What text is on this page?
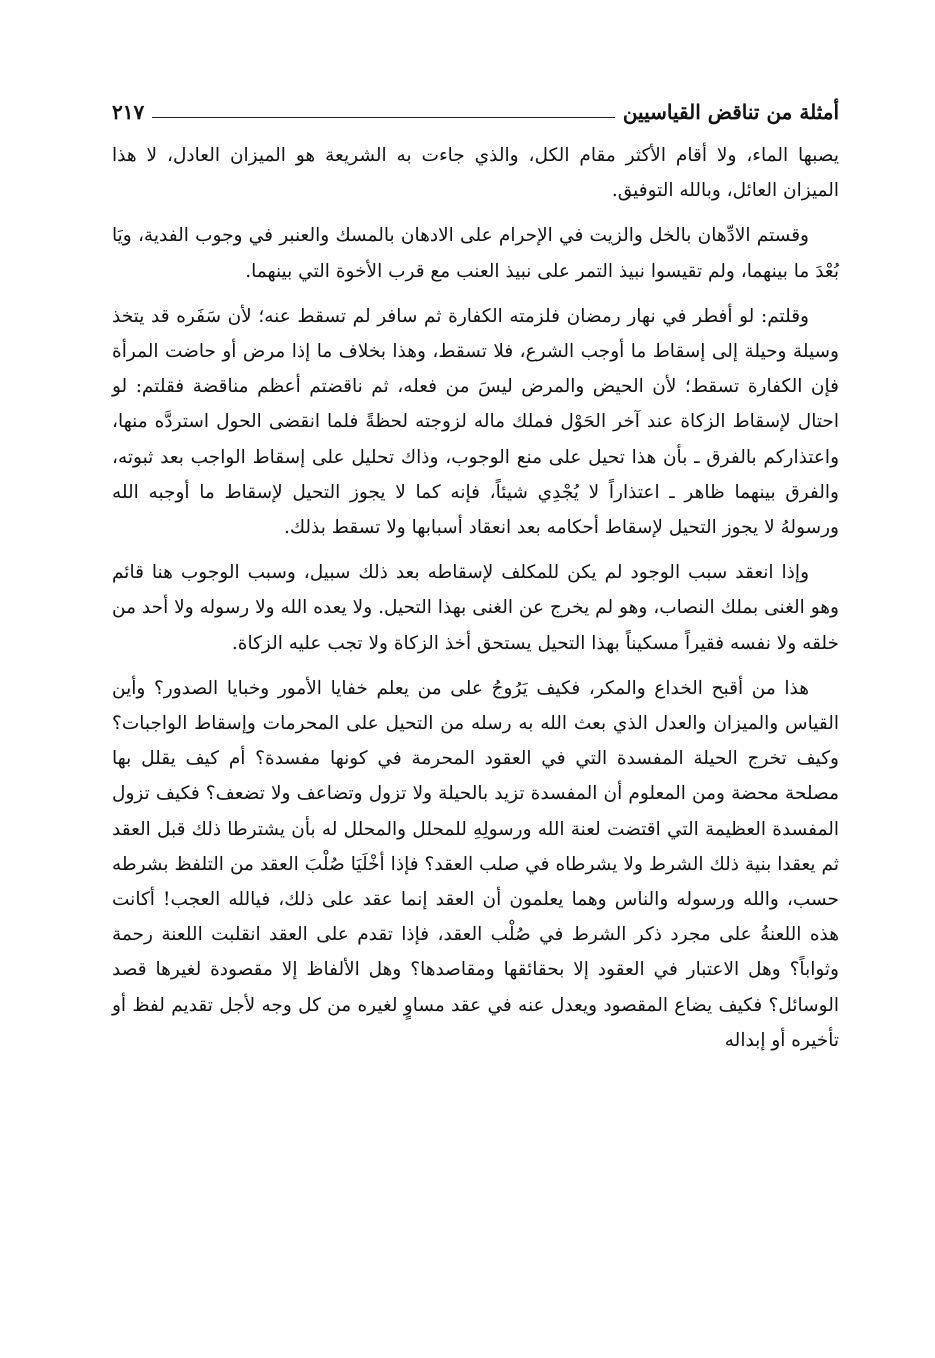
أمثلة من تناقض القياسيين
٢١٧

يصبها الماء، ولا أقام الأكثر مقام الكل، والذي جاءت به الشريعة هو الميزان العادل، لا هذا الميزان العائل، وبالله التوفيق.

وقستم الادِّهان بالخل والزيت في الإحرام على الادهان بالمسك والعنبر في وجوب الفدية، ويَا بُعْدَ ما بينهما، ولم تقيسوا نبيذ التمر على نبيذ العنب مع قرب الأخوة التي بينهما.

وقلتم: لو أفطر في نهار رمضان فلزمته الكفارة ثم سافر لم تسقط عنه؛ لأن سَفَره قد يتخذ وسيلة وحيلة إلى إسقاط ما أوجب الشرع، فلا تسقط، وهذا بخلاف ما إذا مرض أو حاضت المرأة فإن الكفارة تسقط؛ لأن الحيض والمرض ليسَ من فعله، ثم ناقضتم أعظم مناقضة فقلتم: لو احتال لإسقاط الزكاة عند آخر الحَوْل فملك ماله لزوجته لحظةً فلما انقضى الحول استردَّه منها، واعتذاركم بالفرق ـ بأن هذا تحيل على منع الوجوب، وذاك تحليل على إسقاط الواجب بعد ثبوته، والفرق بينهما ظاهر ـ اعتذاراً لا يُجْدِي شيئاً، فإنه كما لا يجوز التحيل لإسقاط ما أوجبه الله ورسولهُ لا يجوز التحيل لإسقاط أحكامه بعد انعقاد أسبابها ولا تسقط بذلك.

وإذا انعقد سبب الوجود لم يكن للمكلف لإسقاطه بعد ذلك سبيل، وسبب الوجوب هنا قائم وهو الغنى بملك النصاب، وهو لم يخرج عن الغنى بهذا التحيل. ولا يعده الله ولا رسوله ولا أحد من خلقه ولا نفسه فقيراً مسكيناً بهذا التحيل يستحق أخذ الزكاة ولا تجب عليه الزكاة.

هذا من أقبح الخداع والمكر، فكيف يَرُوجُ على من يعلم خفايا الأمور وخبايا الصدور؟ وأين القياس والميزان والعدل الذي بعث الله به رسله من التحيل على المحرمات وإسقاط الواجبات؟ وكيف تخرج الحيلة المفسدة التي في العقود المحرمة في كونها مفسدة؟ أم كيف يقلل بها مصلحة محضة ومن المعلوم أن المفسدة تزيد بالحيلة ولا تزول وتضاعف ولا تضعف؟ فكيف تزول المفسدة العظيمة التي اقتضت لعنة الله ورسولِهِ للمحلل والمحلل له بأن يشترطا ذلك قبل العقد ثم يعقدا بنية ذلك الشرط ولا يشرطاه في صلب العقد؟ فإذا أخْلَيَا صُلْبَ العقد من التلفظ بشرطه حسب، والله ورسوله والناس وهما يعلمون أن العقد إنما عقد على ذلك، فيالله العجب! أكانت هذه اللعنةُ على مجرد ذكر الشرط في صُلْب العقد، فإذا تقدم على العقد انقلبت اللعنة رحمة وثواباً؟ وهل الاعتبار في العقود إلا بحقائقها ومقاصدها؟ وهل الألفاظ إلا مقصودة لغيرها قصد الوسائل؟ فكيف يضاع المقصود ويعدل عنه في عقد مساوٍ لغيره من كل وجه لأجل تقديم لفظ أو تأخيره أو إبداله
